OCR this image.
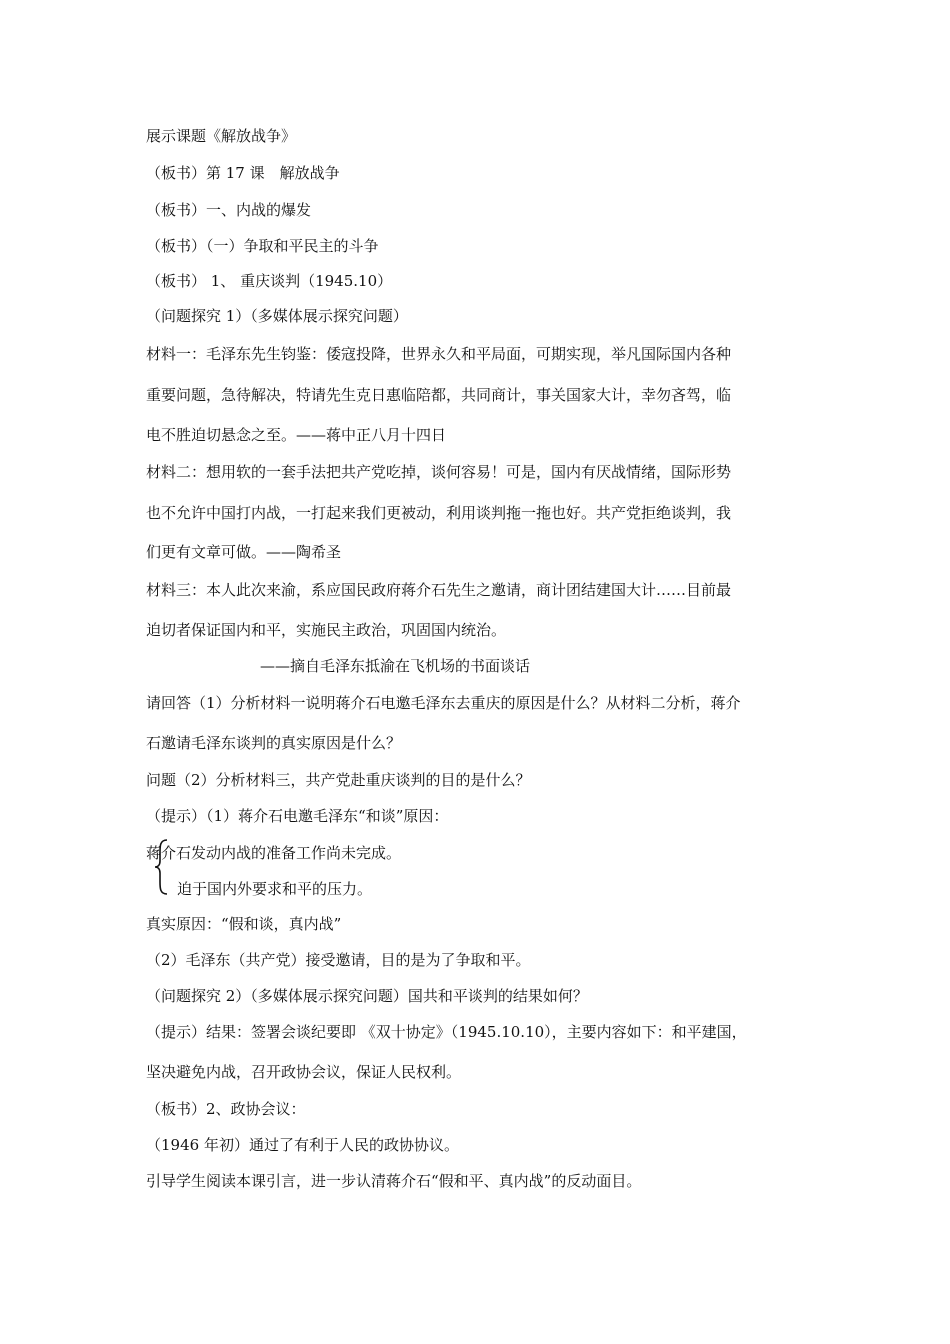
展示课题《解放战争》
（板书）第 17 课　解放战争
（板书）一、内战的爆发
（板书）（一）争取和平民主的斗争
（板书） 1、 重庆谈判（1945.10）
（问题探究 1）（多媒体展示探究问题）
材料一：毛泽东先生钧鉴：倭寇投降，世界永久和平局面，可期实现，举凡国际国内各种
重要问题，急待解决，特请先生克日惠临陪都，共同商计，事关国家大计，幸勿吝驾，临
电不胜迫切悬念之至。——蒋中正八月十四日
材料二：想用软的一套手法把共产党吃掉，谈何容易！可是，国内有厌战情绪，国际形势
也不允许中国打内战，一打起来我们更被动，利用谈判拖一拖也好。共产党拒绝谈判，我
们更有文章可做。——陶希圣
材料三：本人此次来渝，系应国民政府蒋介石先生之邀请，商计团结建国大计……目前最
迫切者保证国内和平，实施民主政治，巩固国内统治。
——摘自毛泽东抵渝在飞机场的书面谈话
请回答（1）分析材料一说明蒋介石电邀毛泽东去重庆的原因是什么？从材料二分析，蒋介
石邀请毛泽东谈判的真实原因是什么？
问题（2）分析材料三，共产党赴重庆谈判的目的是什么？
（提示）（1）蒋介石电邀毛泽东“和谈”原因：
蒋介石发动内战的准备工作尚未完成。
迫于国内外要求和平的压力。
真实原因：“假和谈，真内战”
（2）毛泽东（共产党）接受邀请，目的是为了争取和平。
（问题探究 2）（多媒体展示探究问题）国共和平谈判的结果如何？
（提示）结果：签署会谈纪要即 《双十协定》（1945.10.10），主要内容如下：和平建国，
坚决避免内战，召开政协会议，保证人民权利。
（板书）2、政协会议：
（1946 年初）通过了有利于人民的政协协议。
引导学生阅读本课引言，进一步认清蒋介石“假和平、真内战”的反动面目。
